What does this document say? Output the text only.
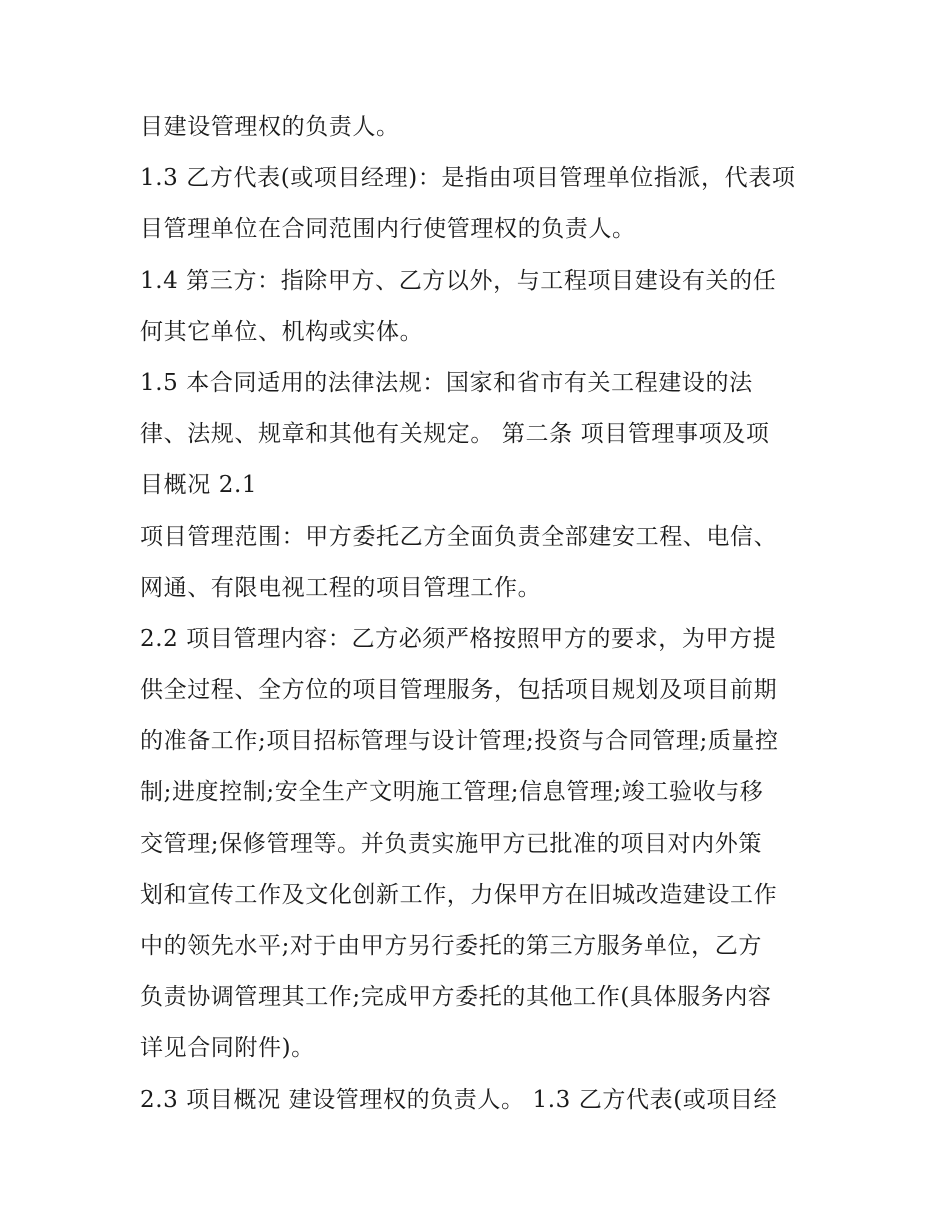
目建设管理权的负责人。
1.3 乙方代表(或项目经理)：是指由项目管理单位指派，代表项
目管理单位在合同范围内行使管理权的负责人。
1.4 第三方：指除甲方、乙方以外，与工程项目建设有关的任
何其它单位、机构或实体。
1.5 本合同适用的法律法规：国家和省市有关工程建设的法
律、法规、规章和其他有关规定。 第二条 项目管理事项及项
目概况 2.1
项目管理范围：甲方委托乙方全面负责全部建安工程、电信、
网通、有限电视工程的项目管理工作。
2.2 项目管理内容：乙方必须严格按照甲方的要求，为甲方提
供全过程、全方位的项目管理服务，包括项目规划及项目前期
的准备工作;项目招标管理与设计管理;投资与合同管理;质量控
制;进度控制;安全生产文明施工管理;信息管理;竣工验收与移
交管理;保修管理等。并负责实施甲方已批准的项目对内外策
划和宣传工作及文化创新工作，力保甲方在旧城改造建设工作
中的领先水平;对于由甲方另行委托的第三方服务单位，乙方
负责协调管理其工作;完成甲方委托的其他工作(具体服务内容
详见合同附件)。
2.3 项目概况 建设管理权的负责人。 1.3 乙方代表(或项目经
